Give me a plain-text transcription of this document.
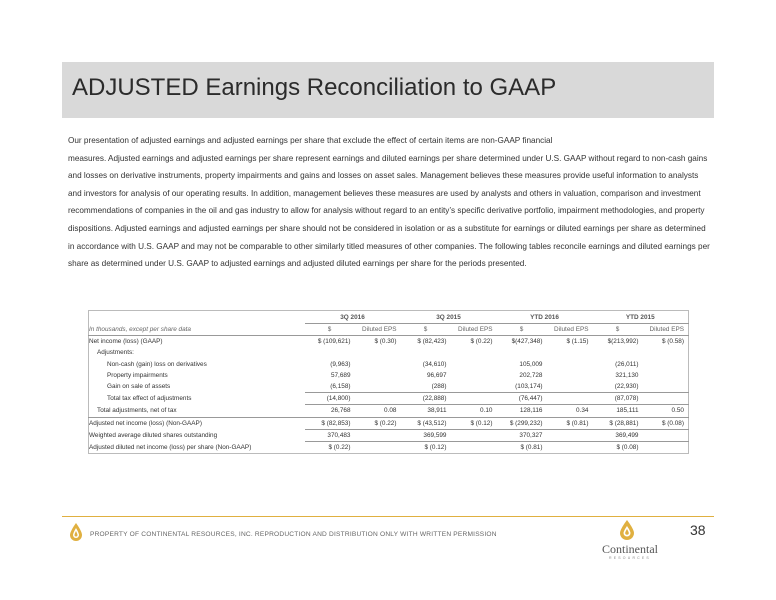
ADJUSTED Earnings Reconciliation to GAAP

Our presentation of adjusted earnings and adjusted earnings per share that exclude the effect of certain items are non-GAAP financial
measures. Adjusted earnings and adjusted earnings per share represent earnings and diluted earnings per share determined under U.S. GAAP without regard to non-cash gains and losses on derivative instruments, property impairments and gains and losses on asset sales. Management believes these measures provide useful information to analysts and investors for analysis of our operating results. In addition, management believes these measures are used by analysts and others in valuation, comparison and investment recommendations of companies in the oil and gas industry to allow for analysis without regard to an entity’s specific derivative portfolio, impairment methodologies, and property dispositions. Adjusted earnings and adjusted earnings per share should not be considered in isolation or as a substitute for earnings or diluted earnings per share as determined in accordance with U.S. GAAP and may not be comparable to other similarly titled measures of other companies. The following tables reconcile earnings and diluted earnings per share as determined under U.S. GAAP to adjusted earnings and adjusted diluted earnings per share for the periods presented.

	3Q 2016		3Q 2015		YTD 2016		YTD 2015	
In thousands, except per share data	$	Diluted EPS	$	Diluted EPS	$	Diluted EPS	$	Diluted EPS
Net income (loss) (GAAP)	$ (109,621)	$ (0.30)	$ (82,423)	$ (0.22)	$(427,348)	$ (1.15)	$(213,992)	$ (0.58)
Adjustments:								
Non-cash (gain) loss on derivatives	(9,963)		(34,610)		105,009		(26,011)	
Property impairments	57,689		96,697		202,728		321,130	
Gain on sale of assets	(6,158)		(288)		(103,174)		(22,930)	
Total tax effect of adjustments	(14,800)		(22,888)		(76,447)		(87,078)	
Total adjustments, net of tax	26,768	0.08	38,911	0.10	128,116	0.34	185,111	0.50
Adjusted net income (loss) (Non-GAAP)	$ (82,853)	$ (0.22)	$ (43,512)	$ (0.12)	$ (299,232)	$ (0.81)	$ (28,881)	$ (0.08)
Weighted average diluted shares outstanding	370,483		369,599		370,327		369,499	
Adjusted diluted net income (loss) per share (Non-GAAP)	$ (0.22)		$ (0.12)		$ (0.81)		$ (0.08)	
PROPERTY OF CONTINENTAL RESOURCES, INC. REPRODUCTION AND DISTRIBUTION ONLY WITH WRITTEN PERMISSION	38
Continental
RESOURCES
